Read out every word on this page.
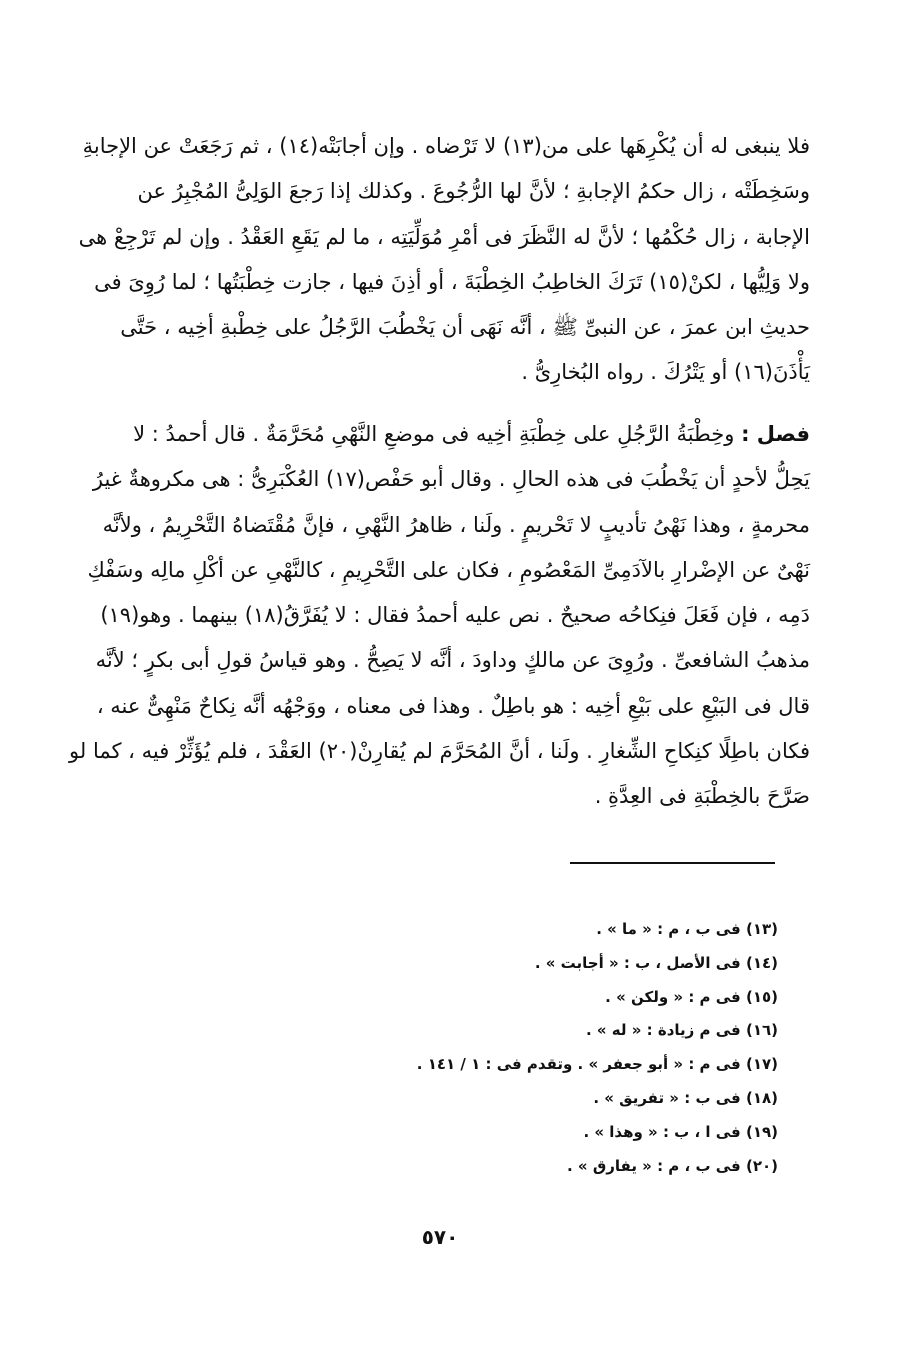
فلا ينبغى له أن يُكْرِهَها على من(١٣) لا تَرْضاه . وإن أجابَتْه(١٤) ، ثم رَجَعَتْ عن الإجابةِ
وسَخِطَتْه ، زال حكمُ الإجابةِ ؛ لأنَّ لها الرُّجُوعَ . وكذلك إذا رَجعَ الوَلِىُّ المُجْبِرُ عن
الإجابة ، زال حُكْمُها ؛ لأنَّ له النَّظَرَ فى أمْرِ مُوَلِّيَتِه ، ما لم يَقَعِ العَقْدُ . وإن لم تَرْجِعْ هى
ولا وَلِيُّها ، لكنْ(١٥) تَرَكَ الخاطِبُ الخِطْبَةَ ، أو أذِنَ فيها ، جازت خِطْبَتُها ؛ لما رُوِىَ فى
حديثِ ابن عمرَ ، عن النبىِّ ﷺ ، أنَّه نَهَى أن يَخْطُبَ الرَّجُلُ على خِطْبةِ أخِيه ، حَتَّى
يَأْذَنَ(١٦) أو يَتْرُكَ . رواه البُخارِىُّ .
فصل : وخِطْبَةُ الرَّجُلِ على خِطْبَةِ أخِيه فى موضعِ النَّهْىِ مُحَرَّمَةٌ . قال أحمدُ : لا
يَحِلُّ لأحدٍ أن يَخْطُبَ فى هذه الحالِ . وقال أبو حَفْص(١٧) العُكْبَرِىُّ : هى مكروهةٌ غيرُ
محرمةٍ ، وهذا نَهْىُ تأديبٍ لا تَحْريمٍ . ولَنا ، ظاهرُ النَّهْىِ ، فإنَّ مُقْتَضاهُ التَّحْرِيمُ ، ولأنَّه
نَهْىٌ عن الإضْرارِ بالآدَمِىِّ المَعْصُومِ ، فكان على التَّحْرِيمِ ، كالنَّهْىِ عن أكْلِ مالِه وسَفْكِ
دَمِه ، فإن فَعَلَ فنِكاحُه صحيحٌ . نص عليه أحمدُ فقال : لا يُفَرَّقُ(١٨) بينهما . وهو(١٩)
مذهبُ الشافعىِّ . ورُوِىَ عن مالكٍ وداودَ ، أنَّه لا يَصِحُّ . وهو قياسُ قولِ أبى بكرٍ ؛ لأنَّه
قال فى البَيْعِ على بَيْعِ أخِيه : هو باطِلٌ . وهذا فى معناه ، ووَجْهُه أنَّه نِكاحٌ مَنْهِىٌّ عنه ،
فكان باطِلًا كنِكاحِ الشِّغارِ . ولَنا ، أنَّ المُحَرَّمَ لم يُقارِنْ(٢٠) العَقْدَ ، فلم يُؤَثِّرْ فيه ، كما لو
صَرَّحَ بالخِطْبَةِ فى العِدَّةِ .
(١٣) فى ب ، م : « ما » .
(١٤) فى الأصل ، ب : « أجابت » .
(١٥) فى م : « ولكن » .
(١٦) فى م زيادة : « له » .
(١٧) فى م : « أبو جعفر » . وتقدم فى : ١ / ١٤١ .
(١٨) فى ب : « تفريق » .
(١٩) فى ا ، ب : « وهذا » .
(٢٠) فى ب ، م : « يفارق » .
٥٧٠
